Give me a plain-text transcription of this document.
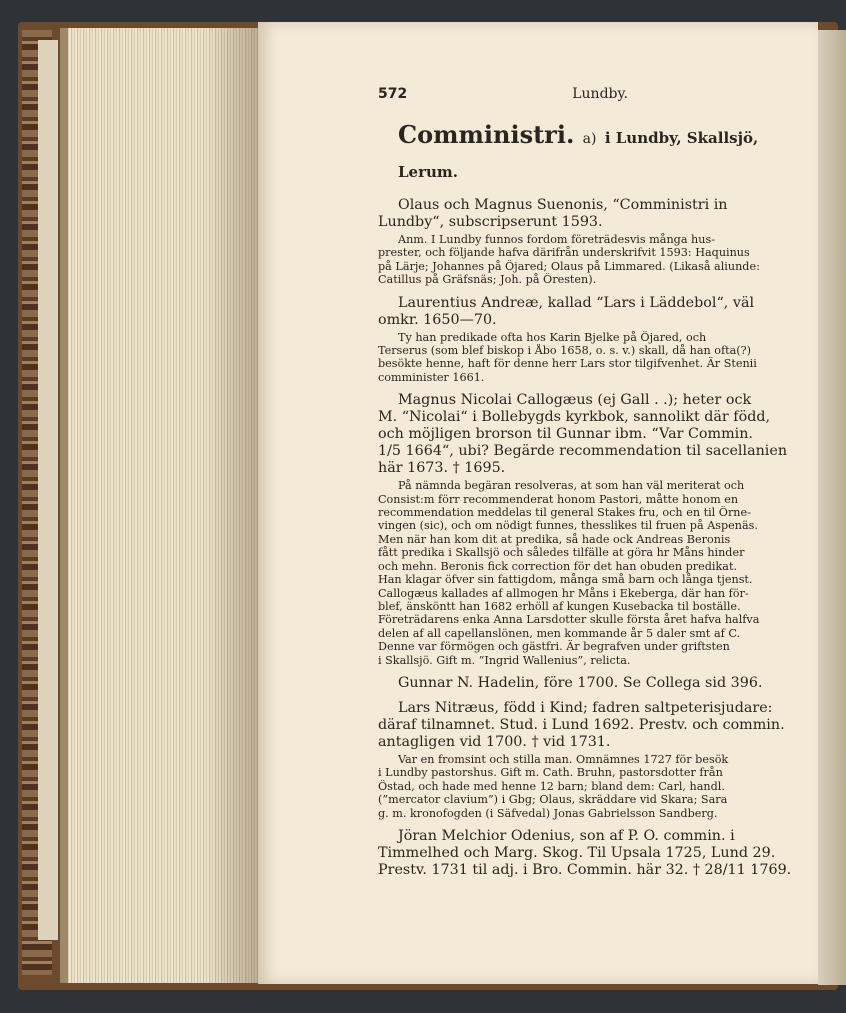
572	Lundby.
Comministri. a) i Lundby, Skallsjö, Lerum.
Olaus och Magnus Suenonis, “Comministri in
Lundby“, subscripserunt 1593.
Anm. I Lundby funnos fordom företrädesvis många hus-
prester, och följande hafva därifrån underskrifvit 1593: Haquinus
på Lärje; Johannes på Öjared; Olaus på Limmared. (Likaså aliunde:
Catillus på Gräfsnäs; Joh. på Öresten).
Laurentius Andreæ, kallad “Lars i Läddebol“, väl
omkr. 1650—70.
Ty han predikade ofta hos Karin Bjelke på Öjared, och
Terserus (som blef biskop i Åbo 1658, o. s. v.) skall, då han ofta(?)
besökte henne, haft för denne herr Lars stor tilgifvenhet. Är Stenii
comminister 1661.
Magnus Nicolai Callogæus (ej Gall . .); heter ock
M. “Nicolai“ i Bollebygds kyrkbok, sannolikt där född,
och möjligen brorson til Gunnar ibm. “Var Commin.
1/5 1664“, ubi? Begärde recommendation til sacellanien
här 1673. † 1695.
På nämnda begäran resolveras, at som han väl meriterat och
Consist:m förr recommenderat honom Pastori, måtte honom en
recommendation meddelas til general Stakes fru, och en til Örne-
vingen (sic), och om nödigt funnes, thesslikes til fruen på Aspenäs.
Men när han kom dit at predika, så hade ock Andreas Beronis
fått predika i Skallsjö och således tilfälle at göra hr Måns hinder
och mehn. Beronis fick correction för det han obuden predikat.
Han klagar öfver sin fattigdom, många små barn och långa tjenst.
Callogæus kallades af allmogen hr Måns i Ekeberga, där han för-
blef, änsköntt han 1682 erhöll af kungen Kusebacka til boställe.
Företrädarens enka Anna Larsdotter skulle första året hafva halfva
delen af all capellanslönen, men kommande år 5 daler smt af C.
Denne var förmögen och gästfri. Är begrafven under griftsten
i Skallsjö. Gift m. ”Ingrid Wallenius”, relicta.
Gunnar N. Hadelin, före 1700. Se Collega sid 396.
Lars Nitræus, född i Kind; fadren saltpeterisjudare:
däraf tilnamnet. Stud. i Lund 1692. Prestv. och commin.
antagligen vid 1700. † vid 1731.
Var en fromsint och stilla man. Omnämnes 1727 för besök
i Lundby pastorshus. Gift m. Cath. Bruhn, pastorsdotter från
Östad, och hade med henne 12 barn; bland dem: Carl, handl.
(”mercator clavium”) i Gbg; Olaus, skräddare vid Skara; Sara
g. m. kronofogden (i Säfvedal) Jonas Gabrielsson Sandberg.
Jöran Melchior Odenius, son af P. O. commin. i
Timmelhed och Marg. Skog. Til Upsala 1725, Lund 29.
Prestv. 1731 til adj. i Bro. Commin. här 32. † 28/11 1769.
